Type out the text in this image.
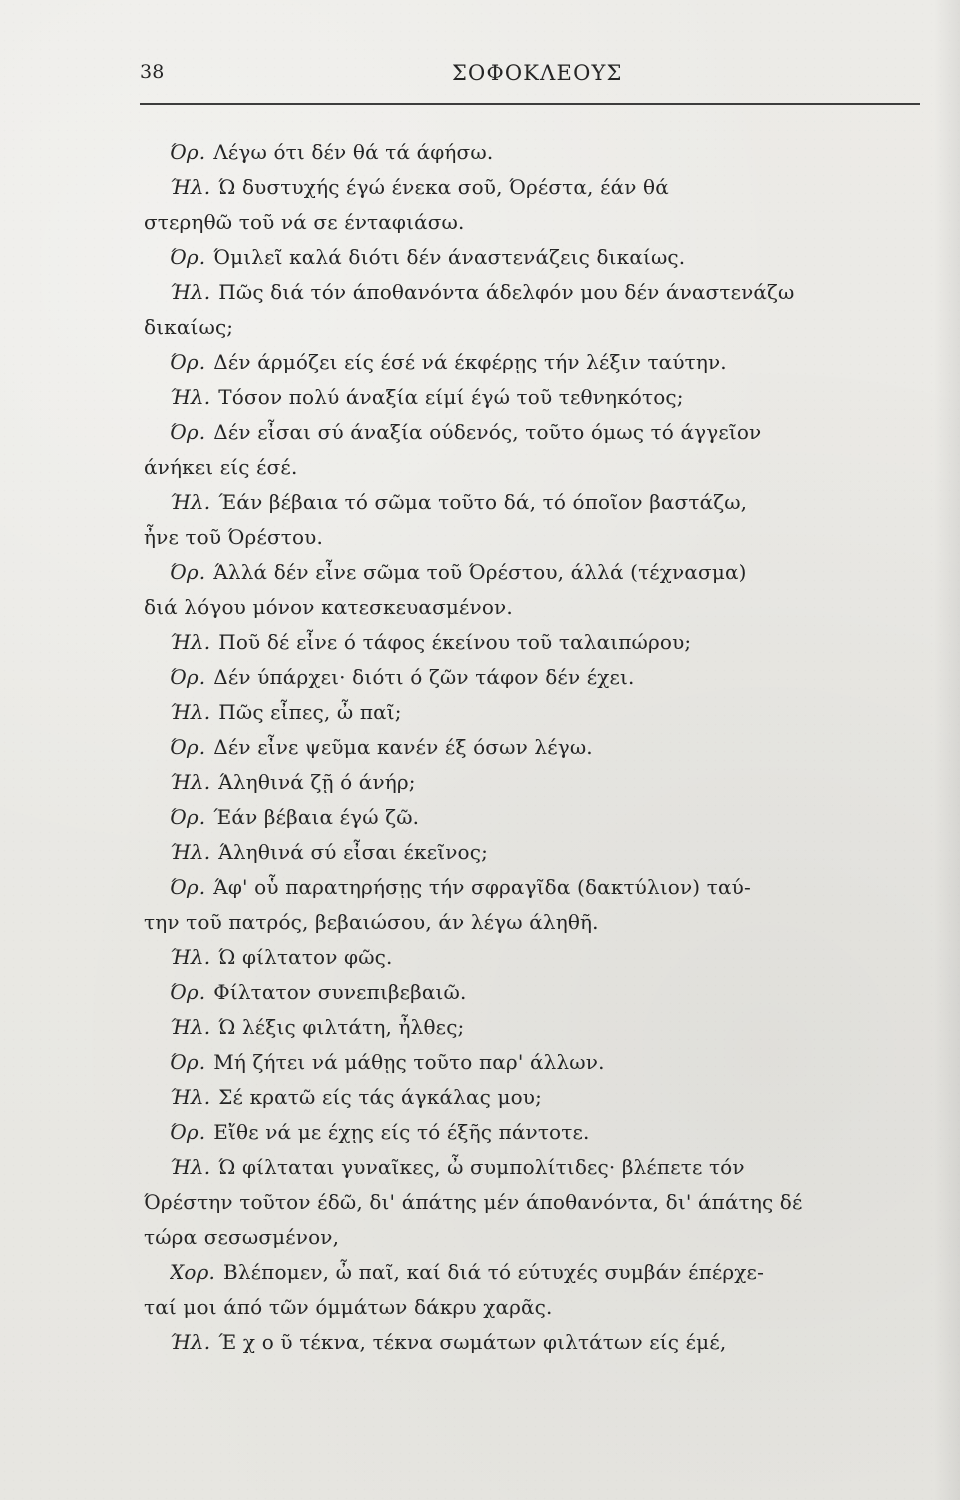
38	ΣΟΦΟΚΛΕΟΥΣ
Όρ. Λέγω ότι δέν θά τά άφήσω.
Ήλ. Ώ δυστυχής έγώ ένεκα σοῦ, Όρέστα, έάν θά
στερηθῶ τοῦ νά σε ένταφιάσω.
Όρ. Όμιλεῖ καλά διότι δέν άναστενάζεις δικαίως.
Ήλ. Πῶς διά τόν άποθανόντα άδελφόν μου δέν άναστενάζω
δικαίως;
Όρ. Δέν άρμόζει είς έσέ νά έκφέρῃς τήν λέξιν ταύτην.
Ήλ. Τόσον πολύ άναξία είμί έγώ τοῦ τεθνηκότος;
Όρ. Δέν εἶσαι σύ άναξία ούδενός, τοῦτο όμως τό άγγεῖον
άνήκει είς έσέ.
Ήλ. Έάν βέβαια τό σῶμα τοῦτο δά, τό όποῖον βαστάζω,
ἦνε τοῦ Όρέστου.
Όρ. Άλλά δέν εἶνε σῶμα τοῦ Όρέστου, άλλά (τέχνασμα)
διά λόγου μόνον κατεσκευασμένον.
Ήλ. Ποῦ δέ εἶνε ό τάφος έκείνου τοῦ ταλαιπώρου;
Όρ. Δέν ύπάρχει· διότι ό ζῶν τάφον δέν έχει.
Ήλ. Πῶς εἶπες, ὦ παῖ;
Όρ. Δέν εἶνε ψεῦμα κανέν έξ όσων λέγω.
Ήλ. Άληθινά ζῇ ό άνήρ;
Όρ. Έάν βέβαια έγώ ζῶ.
Ήλ. Άληθινά σύ εἶσαι έκεῖνος;
Όρ. Άφ' οὗ παρατηρήσῃς τήν σφραγῖδα (δακτύλιον) ταύ-
την τοῦ πατρός, βεβαιώσου, άν λέγω άληθῆ.
Ήλ. Ώ φίλτατον φῶς.
Όρ. Φίλτατον συνεπιβεβαιῶ.
Ήλ. Ώ λέξις φιλτάτη, ἦλθες;
Όρ. Μή ζήτει νά μάθῃς τοῦτο παρ' άλλων.
Ήλ. Σέ κρατῶ είς τάς άγκάλας μου;
Όρ. Εἴθε νά με έχῃς είς τό έξῆς πάντοτε.
Ήλ. Ώ φίλταται γυναῖκες, ὦ συμπολίτιδες· βλέπετε τόν
Όρέστην τοῦτον έδῶ, δι' άπάτης μέν άποθανόντα, δι' άπάτης δέ
τώρα σεσωσμένον,
Χορ. Βλέπομεν, ὦ παῖ, καί διά τό εύτυχές συμβάν έπέρχε-
ταί μοι άπό τῶν όμμάτων δάκρυ χαρᾶς.
Ήλ. Έ χ ο ῦ τέκνα, τέκνα σωμάτων φιλτάτων είς έμέ,
